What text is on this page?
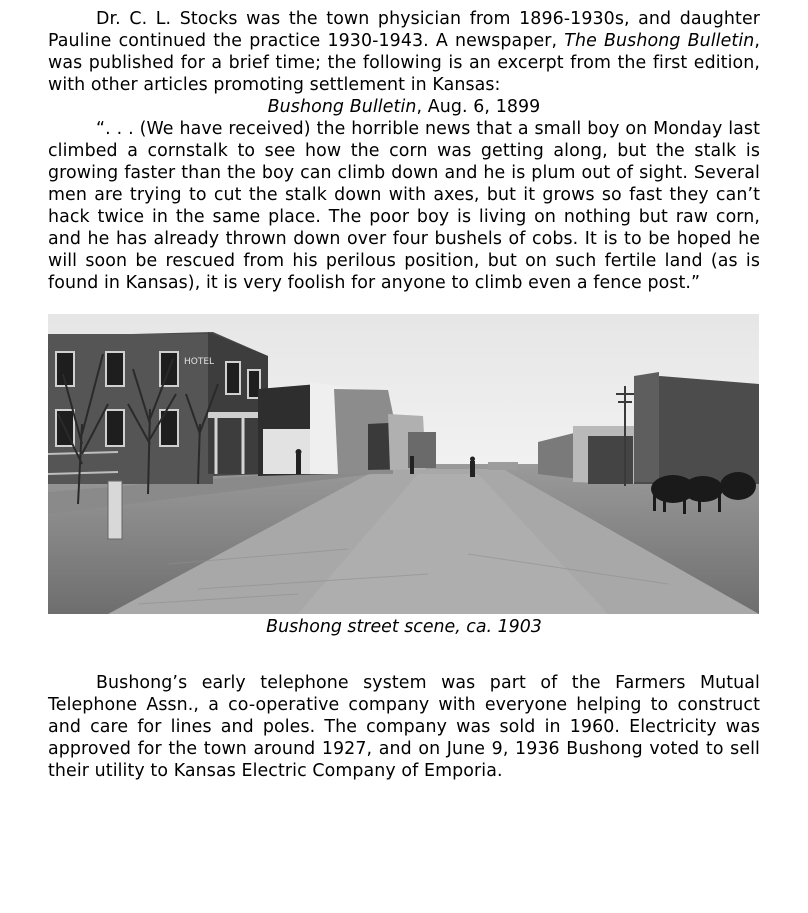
Dr. C. L. Stocks was the town physician from 1896-1930s, and daughter Pauline continued the practice 1930-1943. A newspaper, The Bushong Bulletin, was published for a brief time; the following is an excerpt from the first edition, with other articles promoting settlement in Kansas:

Bushong Bulletin, Aug. 6, 1899

“. . . (We have received) the horrible news that a small boy on Monday last climbed a cornstalk to see how the corn was getting along, but the stalk is growing faster than the boy can climb down and he is plum out of sight. Several men are trying to cut the stalk down with axes, but it grows so fast they can’t hack twice in the same place. The poor boy is living on nothing but raw corn, and he has already thrown down over four bushels of cobs. It is to be hoped he will soon be rescued from his perilous position, but on such fertile land (as is found in Kansas), it is very foolish for anyone to climb even a fence post.”

HOTEL
Bushong street scene, ca. 1903

Bushong’s early telephone system was part of the Farmers Mutual Telephone Assn., a co-operative company with everyone helping to construct and care for lines and poles. The company was sold in 1960. Electricity was approved for the town around 1927, and on June 9, 1936 Bushong voted to sell their utility to Kansas Electric Company of Emporia.
